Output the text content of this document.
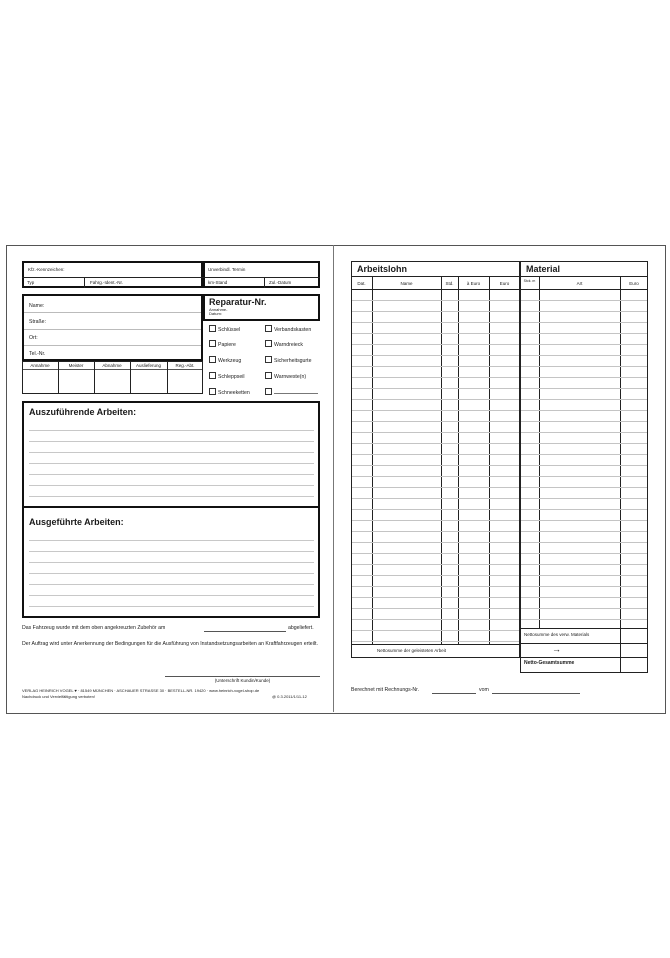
Kfz.-Kennzeichen:
Typ	Fahrg.-Ident.-Nr.
Unverbindl. Termin
km-Stand	Zul.-Datum
Name:
Straße:
Ort:
Tel.-Nr.
Reparatur-Nr.
Annahme-
Datum:
Schlüssel
Papiere
Werkzeug
Schleppseil
Schneeketten
Verbandskasten
Warndreieck
Sicherheitsgurte
Warnweste(n)
Annahme	Meister	Abnahme	Auslieferung	Reg.-Abt.
Auszuführende Arbeiten:
Ausgeführte Arbeiten:
Das Fahrzeug wurde mit dem oben angekreuzten Zubehör am	abgeliefert.
Der Auftrag wird unter Anerkennung der Bedingungen für die Ausführung von Instandsetzungsarbeiten an Kraftfahrzeugen erteilt.
(Unterschrift Kundin/Kunde)
VERLAG HEINRICH VOGEL ♥ · 81549 MÜNCHEN · ASCHAUER STRASSE 30 · BESTELL-NR. 19420 · www.heinrich-vogel-shop.de
Nachdruck und Vervielfältigung verboten!	@ 0.3.2011/1/11-12
Arbeitslohn
Dat.	Name	Std.	à Euro	Euro
Nettosumme der geleisteten Arbeit
Material
Stck. m	Art	Euro
Nettosumme des verw. Materials
→
Netto-Gesamtsumme
Berechnet mit Rechnungs-Nr.	vom
